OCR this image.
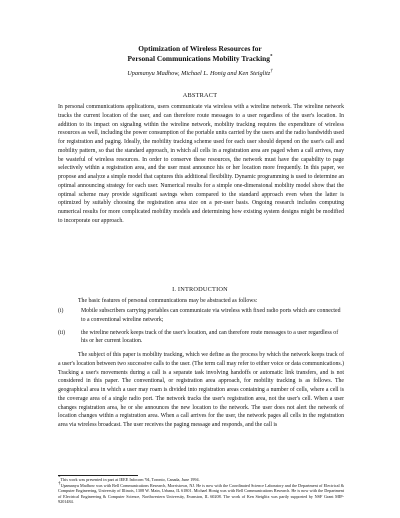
Optimization of Wireless Resources for
Personal Communications Mobility Tracking*
Upamanyu Madhow, Michael L. Honig and Ken Steiglitz†
ABSTRACT
In personal communications applications, users communicate via wireless with a wireline network. The wireline network tracks the current location of the user, and can therefore route messages to a user regardless of the user's location. In addition to its impact on signaling within the wireline network, mobility tracking requires the expenditure of wireless resources as well, including the power consumption of the portable units carried by the users and the radio bandwidth used for registration and paging. Ideally, the mobility tracking scheme used for each user should depend on the user's call and mobility pattern, so that the standard approach, in which all cells in a registration area are paged when a call arrives, may be wasteful of wireless resources. In order to conserve these resources, the network must have the capability to page selectively within a registration area, and the user must announce his or her location more frequently. In this paper, we propose and analyze a simple model that captures this additional flexibility. Dynamic programming is used to determine an optimal announcing strategy for each user. Numerical results for a simple one-dimensional mobility model show that the optimal scheme may provide significant savings when compared to the standard approach even when the latter is optimized by suitably choosing the registration area size on a per-user basis. Ongoing research includes computing numerical results for more complicated mobility models and determining how existing system designs might be modified to incorporate our approach.
I. INTRODUCTION
The basic features of personal communications may be abstracted as follows:
(i)	Mobile subscribers carrying portables can communicate via wireless with fixed radio ports which are connected to a conventional wireline network;
(ii)	the wireline network keeps track of the user's location, and can therefore route messages to a user regardless of his or her current location.
The subject of this paper is mobility tracking, which we define as the process by which the network keeps track of a user's location between two successive calls to the user. (The term call may refer to either voice or data communications.) Tracking a user's movements during a call is a separate task involving handoffs or automatic link transfers, and is not considered in this paper. The conventional, or registration area approach, for mobility tracking is as follows. The geographical area in which a user may roam is divided into registration areas containing a number of cells, where a cell is the coverage area of a single radio port. The network tracks the user's registration area, not the user's cell. When a user changes registration area, he or she announces the new location to the network. The user does not alert the network of location changes within a registration area. When a call arrives for the user, the network pages all cells in the registration area via wireless broadcast. The user receives the paging message and responds, and the call is

*This work was presented in part at IEEE Infocom '94, Toronto, Canada, June 1994.

†Upamanyu Madhow was with Bell Communications Research, Morristown, NJ. He is now with the Coordinated Science Laboratory and the Department of Electrical & Computer Engineering, University of Illinois, 1308 W. Main, Urbana, IL 61801. Michael Honig was with Bell Communications Research. He is now with the Department of Electrical Engineering & Computer Science, Northwestern University, Evanston, IL 60208. The work of Ken Steiglitz was partly supported by NSF Grant MIP-9201484.
